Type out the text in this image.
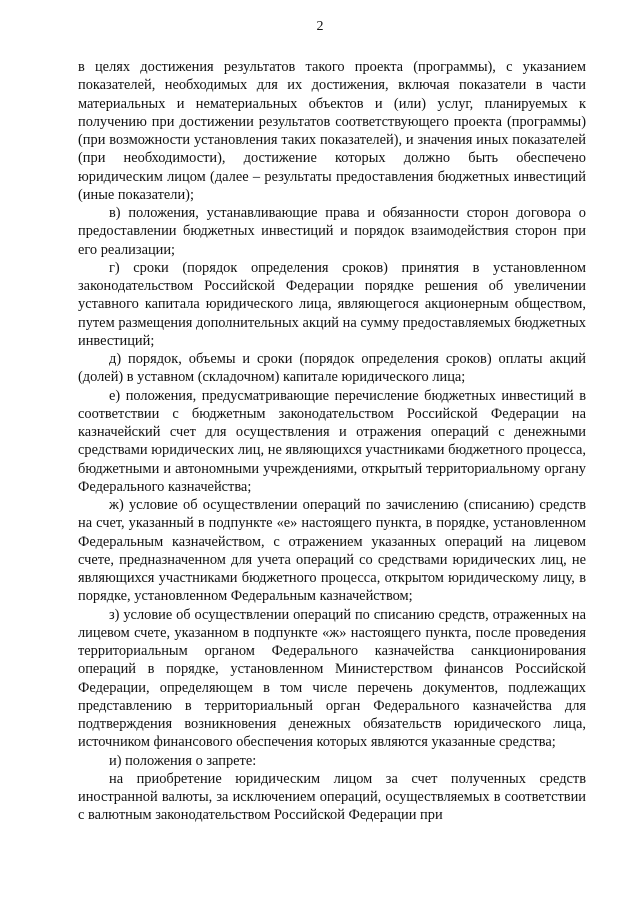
2

в целях достижения результатов такого проекта (программы), с указанием показателей, необходимых для их достижения, включая показатели в части материальных и нематериальных объектов и (или) услуг, планируемых к получению при достижении результатов соответствующего проекта (программы) (при возможности установления таких показателей), и значения иных показателей (при необходимости), достижение которых должно быть обеспечено юридическим лицом (далее – результаты предоставления бюджетных инвестиций (иные показатели);

в) положения, устанавливающие права и обязанности сторон договора о предоставлении бюджетных инвестиций и порядок взаимодействия сторон при его реализации;

г) сроки (порядок определения сроков) принятия в установленном законодательством Российской Федерации порядке решения об увеличении уставного капитала юридического лица, являющегося акционерным обществом, путем размещения дополнительных акций на сумму предоставляемых бюджетных инвестиций;

д) порядок, объемы и сроки (порядок определения сроков) оплаты акций (долей) в уставном (складочном) капитале юридического лица;

е) положения, предусматривающие перечисление бюджетных инвестиций в соответствии с бюджетным законодательством Российской Федерации на казначейский счет для осуществления и отражения операций с денежными средствами юридических лиц, не являющихся участниками бюджетного процесса, бюджетными и автономными учреждениями, открытый территориальному органу Федерального казначейства;

ж) условие об осуществлении операций по зачислению (списанию) средств на счет, указанный в подпункте «е» настоящего пункта, в порядке, установленном Федеральным казначейством, с отражением указанных операций на лицевом счете, предназначенном для учета операций со средствами юридических лиц, не являющихся участниками бюджетного процесса, открытом юридическому лицу, в порядке, установленном Федеральным казначейством;

з) условие об осуществлении операций по списанию средств, отраженных на лицевом счете, указанном в подпункте «ж» настоящего пункта, после проведения территориальным органом Федерального казначейства санкционирования операций в порядке, установленном Министерством финансов Российской Федерации, определяющем в том числе перечень документов, подлежащих представлению в территориальный орган Федерального казначейства для подтверждения возникновения денежных обязательств юридического лица, источником финансового обеспечения которых являются указанные средства;

и) положения о запрете:

на приобретение юридическим лицом за счет полученных средств иностранной валюты, за исключением операций, осуществляемых в соответствии с валютным законодательством Российской Федерации при
